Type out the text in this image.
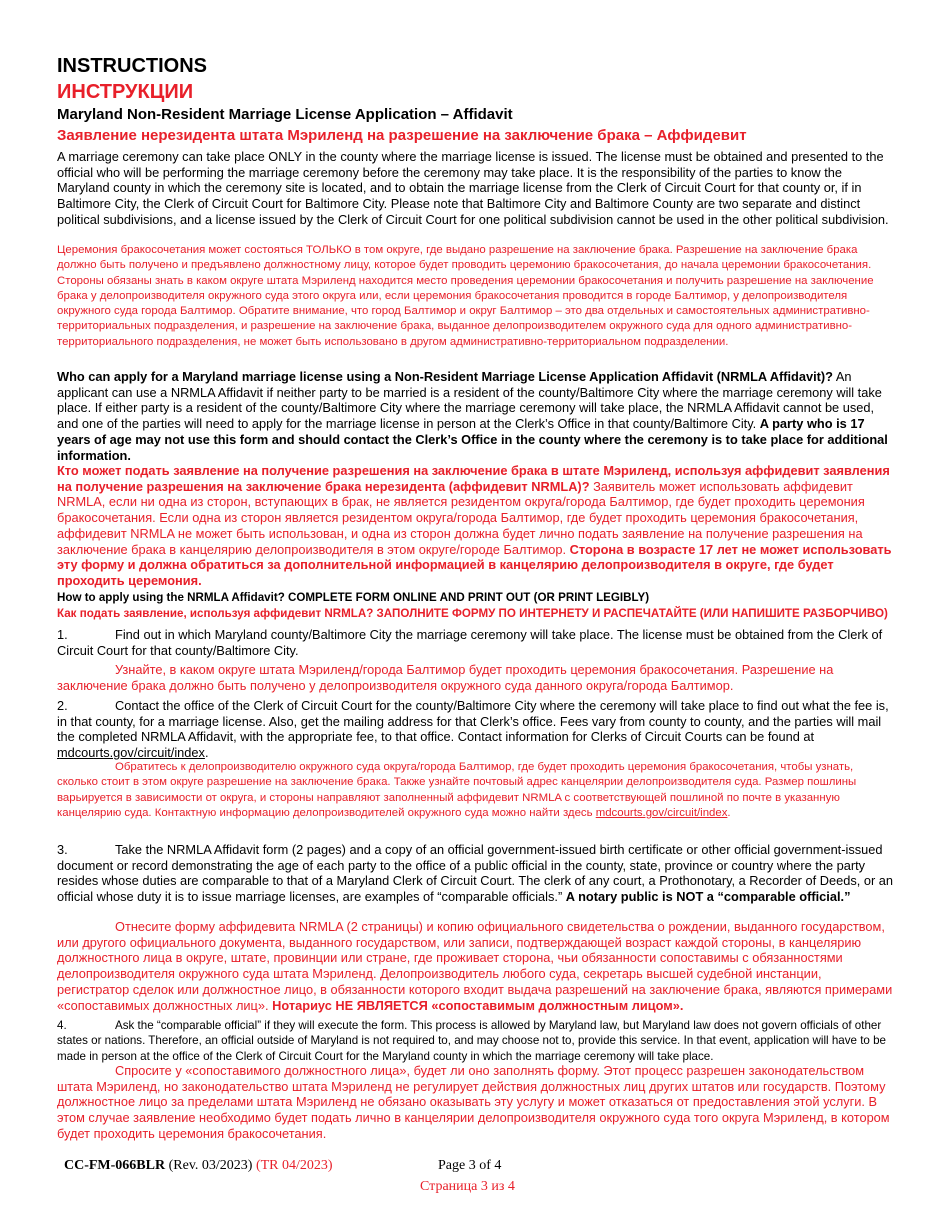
INSTRUCTIONS
ИНСТРУКЦИИ
Maryland Non-Resident Marriage License Application – Affidavit
Заявление нерезидента штата Мэриленд на разрешение на заключение брака – Аффидевит

A marriage ceremony can take place ONLY in the county where the marriage license is issued. The license must be obtained and presented to the official who will be performing the marriage ceremony before the ceremony may take place. It is the responsibility of the parties to know the Maryland county in which the ceremony site is located, and to obtain the marriage license from the Clerk of Circuit Court for that county or, if in Baltimore City, the Clerk of Circuit Court for Baltimore City. Please note that Baltimore City and Baltimore County are two separate and distinct political subdivisions, and a license issued by the Clerk of Circuit Court for one political subdivision cannot be used in the other political subdivision.

Церемония бракосочетания может состояться ТОЛЬКО в том округе, где выдано разрешение на заключение брака. Разрешение на заключение брака должно быть получено и предъявлено должностному лицу, которое будет проводить церемонию бракосочетания, до начала церемонии бракосочетания. Стороны обязаны знать в каком округе штата Мэриленд находится место проведения церемонии бракосочетания и получить разрешение на заключение брака у делопроизводителя окружного суда этого округа или, если церемония бракосочетания проводится в городе Балтимор, у делопроизводителя окружного суда города Балтимор. Обратите внимание, что город Балтимор и округ Балтимор – это два отдельных и самостоятельных административно-территориальных подразделения, и разрешение на заключение брака, выданное делопроизводителем окружного суда для одного административно-территориального подразделения, не может быть использовано в другом административно-территориальном подразделении.

Who can apply for a Maryland marriage license using a Non-Resident Marriage License Application Affidavit (NRMLA Affidavit)? An applicant can use a NRMLA Affidavit if neither party to be married is a resident of the county/Baltimore City where the marriage ceremony will take place. If either party is a resident of the county/Baltimore City where the marriage ceremony will take place, the NRMLA Affidavit cannot be used, and one of the parties will need to apply for the marriage license in person at the Clerk’s Office in that county/Baltimore City. A party who is 17 years of age may not use this form and should contact the Clerk’s Office in the county where the ceremony is to take place for additional information.

Кто может подать заявление на получение разрешения на заключение брака в штате Мэриленд, используя аффидевит заявления на получение разрешения на заключение брака нерезидента (аффидевит NRMLA)? Заявитель может использовать аффидевит NRMLA, если ни одна из сторон, вступающих в брак, не является резидентом округа/города Балтимор, где будет проходить церемония бракосочетания. Если одна из сторон является резидентом округа/города Балтимор, где будет проходить церемония бракосочетания, аффидевит NRMLA не может быть использован, и одна из сторон должна будет лично подать заявление на получение разрешения на заключение брака в канцелярию делопроизводителя в этом округе/городе Балтимор. Сторона в возрасте 17 лет не может использовать эту форму и должна обратиться за дополнительной информацией в канцелярию делопроизводителя в округе, где будет проходить церемония.

How to apply using the NRMLA Affidavit? COMPLETE FORM ONLINE AND PRINT OUT (OR PRINT LEGIBLY)

Как подать заявление, используя аффидевит NRMLA? ЗАПОЛНИТЕ ФОРМУ ПО ИНТЕРНЕТУ И РАСПЕЧАТАЙТЕ (ИЛИ НАПИШИТЕ РАЗБОРЧИВО)

1.	Find out in which Maryland county/Baltimore City the marriage ceremony will take place. The license must be obtained from the Clerk of Circuit Court for that county/Baltimore City.

Узнайте, в каком округе штата Мэриленд/города Балтимор будет проходить церемония бракосочетания. Разрешение на заключение брака должно быть получено у делопроизводителя окружного суда данного округа/города Балтимор.

2.	Contact the office of the Clerk of Circuit Court for the county/Baltimore City where the ceremony will take place to find out what the fee is, in that county, for a marriage license. Also, get the mailing address for that Clerk’s office. Fees vary from county to county, and the parties will mail the completed NRMLA Affidavit, with the appropriate fee, to that office. Contact information for Clerks of Circuit Courts can be found at mdcourts.gov/circuit/index.

Обратитесь к делопроизводителю окружного суда округа/города Балтимор, где будет проходить церемония бракосочетания, чтобы узнать, сколько стоит в этом округе разрешение на заключение брака. Также узнайте почтовый адрес канцелярии делопроизводителя суда. Размер пошлины варьируется в зависимости от округа, и стороны направляют заполненный аффидевит NRMLA с соответствующей пошлиной по почте в указанную канцелярию суда. Контактную информацию делопроизводителей окружного суда можно найти здесь mdcourts.gov/circuit/index.

3.	Take the NRMLA Affidavit form (2 pages) and a copy of an official government-issued birth certificate or other official government-issued document or record demonstrating the age of each party to the office of a public official in the county, state, province or country where the party resides whose duties are comparable to that of a Maryland Clerk of Circuit Court. The clerk of any court, a Prothonotary, a Recorder of Deeds, or an official whose duty it is to issue marriage licenses, are examples of “comparable officials.” A notary public is NOT a “comparable official.”

Отнесите форму аффидевита NRMLA (2 страницы) и копию официального свидетельства о рождении, выданного государством, или другого официального документа, выданного государством, или записи, подтверждающей возраст каждой стороны, в канцелярию должностного лица в округе, штате, провинции или стране, где проживает сторона, чьи обязанности сопоставимы с обязанностями делопроизводителя окружного суда штата Мэриленд. Делопроизводитель любого суда, секретарь высшей судебной инстанции, регистратор сделок или должностное лицо, в обязанности которого входит выдача разрешений на заключение брака, являются примерами «сопоставимых должностных лиц». Нотариус НЕ ЯВЛЯЕТСЯ «сопоставимым должностным лицом».

4.	Ask the “comparable official” if they will execute the form. This process is allowed by Maryland law, but Maryland law does not govern officials of other states or nations. Therefore, an official outside of Maryland is not required to, and may choose not to, provide this service. In that event, application will have to be made in person at the office of the Clerk of Circuit Court for the Maryland county in which the marriage ceremony will take place.

Спросите у «сопоставимого должностного лица», будет ли оно заполнять форму. Этот процесс разрешен законодательством штата Мэриленд, но законодательство штата Мэриленд не регулирует действия должностных лиц других штатов или государств. Поэтому должностное лицо за пределами штата Мэриленд не обязано оказывать эту услугу и может отказаться от предоставления этой услуги. В этом случае заявление необходимо будет подать лично в канцелярии делопроизводителя окружного суда того округа Мэриленд, в котором будет проходить церемония бракосочетания.

CC-FM-066BLR (Rev. 03/2023) (TR 04/2023)	Page 3 of 4
Страница 3 из 4
